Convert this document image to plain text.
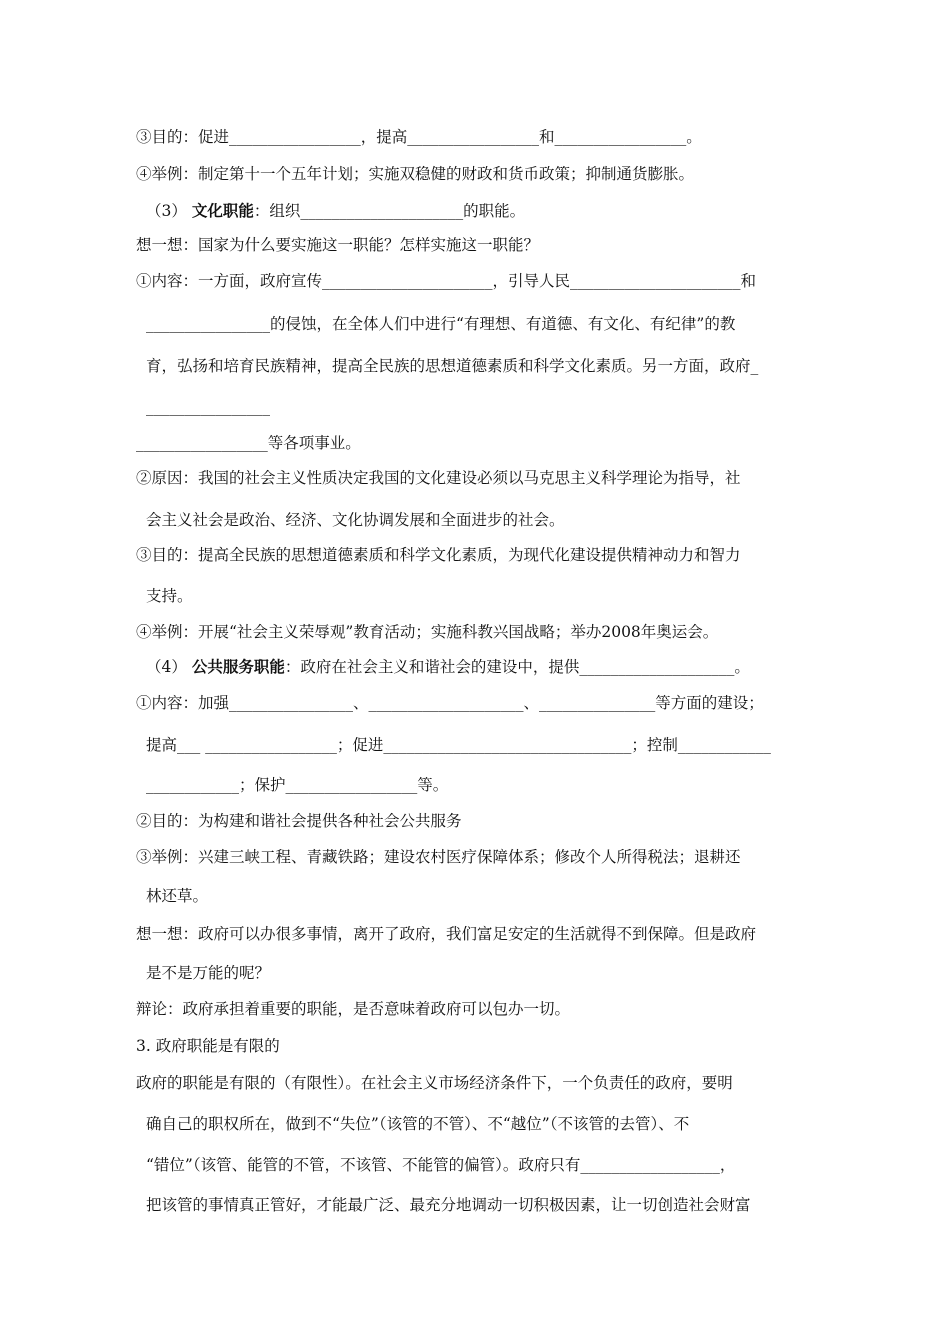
③目的：促进_________________，提高_________________和_________________。
④举例：制定第十一个五年计划；实施双稳健的财政和货币政策；抑制通货膨胀。
（3） 文化职能：组织_____________________的职能。
想一想：国家为什么要实施这一职能？怎样实施这一职能？
①内容：一方面，政府宣传______________________，引导人民______________________和
________________的侵蚀，在全体人们中进行“有理想、有道德、有文化、有纪律”的教
育，弘扬和培育民族精神，提高全民族的思想道德素质和科学文化素质。另一方面，政府_
________________
_________________等各项事业。
②原因：我国的社会主义性质决定我国的文化建设必须以马克思主义科学理论为指导，社
会主义社会是政治、经济、文化协调发展和全面进步的社会。
③目的：提高全民族的思想道德素质和科学文化素质，为现代化建设提供精神动力和智力
支持。
④举例：开展“社会主义荣辱观”教育活动；实施科教兴国战略；举办2008年奥运会。
（4） 公共服务职能：政府在社会主义和谐社会的建设中，提供____________________。
①内容：加强________________、____________________、_______________等方面的建设；
提高___ _________________；促进________________________________；控制____________
____________；保护_________________等。
②目的：为构建和谐社会提供各种社会公共服务
③举例：兴建三峡工程、青藏铁路；建设农村医疗保障体系；修改个人所得税法；退耕还
林还草。
想一想：政府可以办很多事情，离开了政府，我们富足安定的生活就得不到保障。但是政府
是不是万能的呢？
辩论：政府承担着重要的职能，是否意味着政府可以包办一切。
3. 政府职能是有限的
政府的职能是有限的（有限性）。在社会主义市场经济条件下，一个负责任的政府，要明
确自己的职权所在，做到不“失位”（该管的不管）、不“越位”（不该管的去管）、不
“错位”（该管、能管的不管，不该管、不能管的偏管）。政府只有__________________，
把该管的事情真正管好，才能最广泛、最充分地调动一切积极因素，让一切创造社会财富
